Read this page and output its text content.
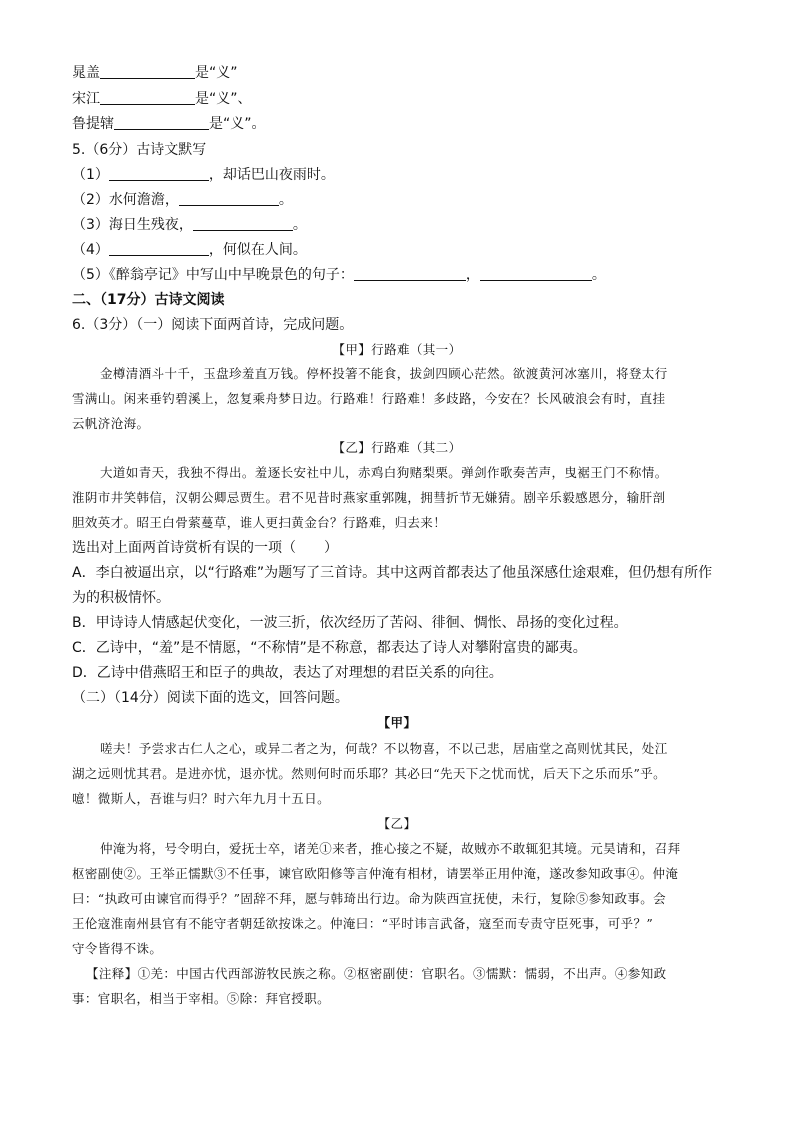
晁盖	是“义”
宋江	是“义”、
鲁提辖	是“义”。
5.（6分）古诗文默写
（1）	，却话巴山夜雨时。
（2）水何澹澹，	。
（3）海日生残夜，	。
（4）	，何似在人间。
（5）《醉翁亭记》中写山中早晚景色的句子：	，	。
二、（17分）古诗文阅读
6.（3分）（一）阅读下面两首诗，完成问题。
【甲】行路难（其一）
金樽清酒斗十千，玉盘珍羞直万钱。停杯投箸不能食，拔剑四顾心茫然。欲渡黄河冰塞川，将登太行
雪满山。闲来垂钓碧溪上，忽复乘舟梦日边。行路难！行路难！多歧路，今安在？长风破浪会有时，直挂
云帆济沧海。
【乙】行路难（其二）
大道如青天，我独不得出。羞逐长安社中儿，赤鸡白狗赌梨栗。弹剑作歌奏苦声，曳裾王门不称情。
淮阴市井笑韩信，汉朝公卿忌贾生。君不见昔时燕家重郭隗，拥彗折节无嫌猜。剧辛乐毅感恩分，输肝剖
胆效英才。昭王白骨萦蔓草，谁人更扫黄金台？行路难，归去来！
选出对上面两首诗赏析有误的一项（　　）
A．李白被逼出京，以“行路难”为题写了三首诗。其中这两首都表达了他虽深感仕途艰难，但仍想有所作
为的积极情怀。
B．甲诗诗人情感起伏变化，一波三折，依次经历了苦闷、徘徊、惆怅、昂扬的变化过程。
C．乙诗中，“羞”是不情愿，“不称情”是不称意，都表达了诗人对攀附富贵的鄙夷。
D．乙诗中借燕昭王和臣子的典故，表达了对理想的君臣关系的向往。
（二）（14分）阅读下面的选文，回答问题。
【甲】
嗟夫！予尝求古仁人之心，或异二者之为，何哉？不以物喜，不以己悲，居庙堂之高则忧其民，处江
湖之远则忧其君。是进亦忧，退亦忧。然则何时而乐耶？其必曰“先天下之忧而忧，后天下之乐而乐”乎。
噫！微斯人，吾谁与归？时六年九月十五日。
【乙】
仲淹为将，号令明白，爱抚士卒，诸羌①来者，推心接之不疑，故贼亦不敢辄犯其境。元昊请和，召拜
枢密副使②。王举正懦默③不任事，谏官欧阳修等言仲淹有相材，请罢举正用仲淹，遂改参知政事④。仲淹
曰：“执政可由谏官而得乎？”固辞不拜，愿与韩琦出行边。命为陕西宣抚使，未行，复除⑤参知政事。会
王伦寇淮南州县官有不能守者朝廷欲按诛之。仲淹曰：“平时讳言武备，寇至而专责守臣死事，可乎？”
守令皆得不诛。
【注释】①羌：中国古代西部游牧民族之称。②枢密副使：官职名。③懦默：懦弱，不出声。④参知政
事：官职名，相当于宰相。⑤除：拜官授职。
